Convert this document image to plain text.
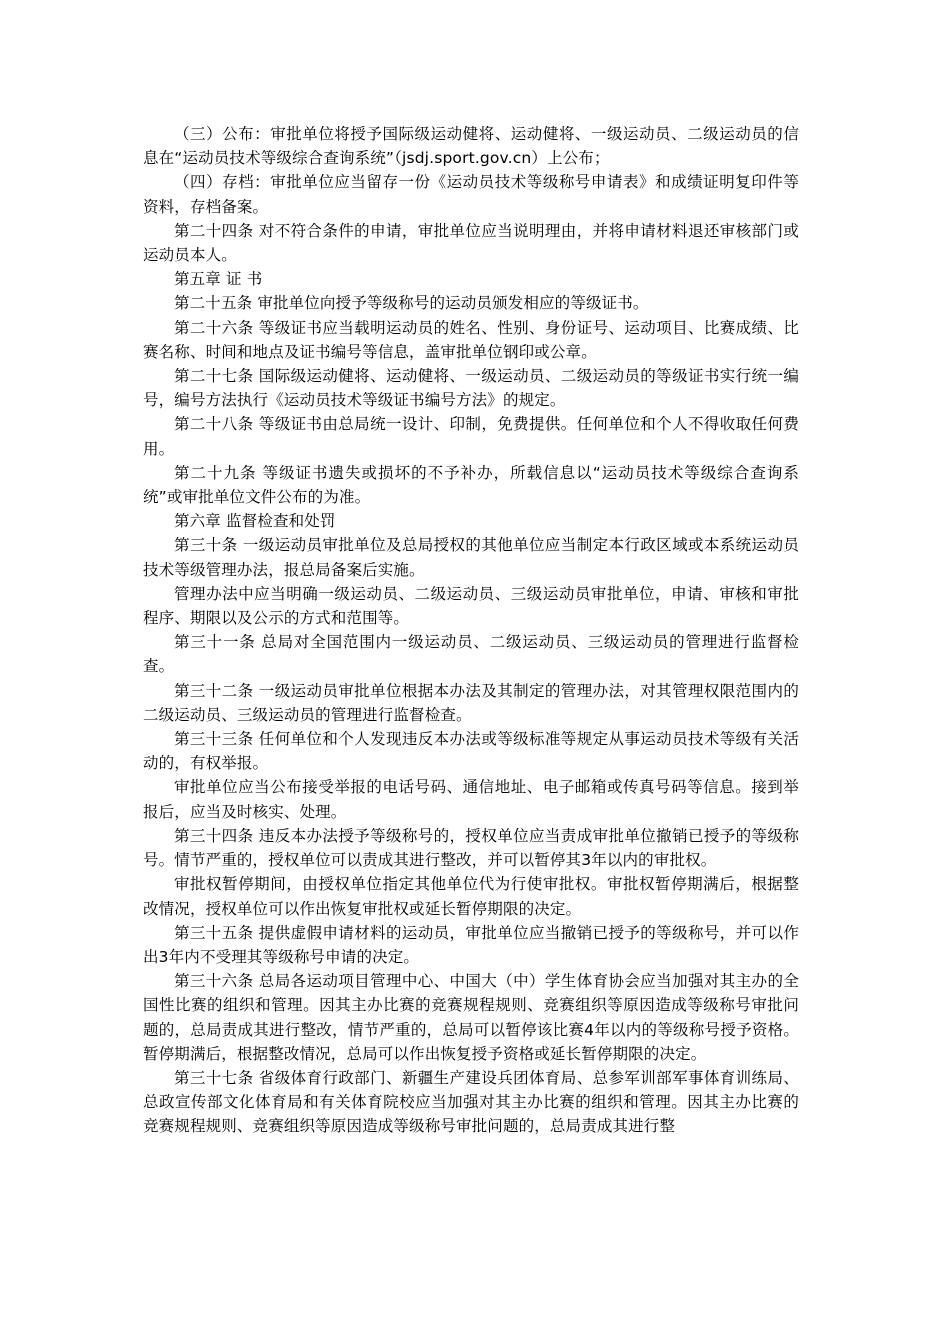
（三）公布：审批单位将授予国际级运动健将、运动健将、一级运动员、二级运动员的信息在“运动员技术等级综合查询系统”（jsdj.sport.gov.cn）上公布；

（四）存档：审批单位应当留存一份《运动员技术等级称号申请表》和成绩证明复印件等资料，存档备案。

第二十四条 对不符合条件的申请，审批单位应当说明理由，并将申请材料退还审核部门或运动员本人。

第五章 证 书

第二十五条 审批单位向授予等级称号的运动员颁发相应的等级证书。

第二十六条 等级证书应当载明运动员的姓名、性别、身份证号、运动项目、比赛成绩、比赛名称、时间和地点及证书编号等信息，盖审批单位钢印或公章。

第二十七条 国际级运动健将、运动健将、一级运动员、二级运动员的等级证书实行统一编号，编号方法执行《运动员技术等级证书编号方法》的规定。

第二十八条 等级证书由总局统一设计、印制，免费提供。任何单位和个人不得收取任何费用。

第二十九条 等级证书遗失或损坏的不予补办，所载信息以“运动员技术等级综合查询系统”或审批单位文件公布的为准。

第六章 监督检查和处罚

第三十条 一级运动员审批单位及总局授权的其他单位应当制定本行政区域或本系统运动员技术等级管理办法，报总局备案后实施。

管理办法中应当明确一级运动员、二级运动员、三级运动员审批单位，申请、审核和审批程序、期限以及公示的方式和范围等。

第三十一条 总局对全国范围内一级运动员、二级运动员、三级运动员的管理进行监督检查。

第三十二条 一级运动员审批单位根据本办法及其制定的管理办法，对其管理权限范围内的二级运动员、三级运动员的管理进行监督检查。

第三十三条 任何单位和个人发现违反本办法或等级标准等规定从事运动员技术等级有关活动的，有权举报。

审批单位应当公布接受举报的电话号码、通信地址、电子邮箱或传真号码等信息。接到举报后，应当及时核实、处理。

第三十四条 违反本办法授予等级称号的，授权单位应当责成审批单位撤销已授予的等级称号。情节严重的，授权单位可以责成其进行整改，并可以暂停其3年以内的审批权。

审批权暂停期间，由授权单位指定其他单位代为行使审批权。审批权暂停期满后，根据整改情况，授权单位可以作出恢复审批权或延长暂停期限的决定。

第三十五条 提供虚假申请材料的运动员，审批单位应当撤销已授予的等级称号，并可以作出3年内不受理其等级称号申请的决定。

第三十六条 总局各运动项目管理中心、中国大（中）学生体育协会应当加强对其主办的全国性比赛的组织和管理。因其主办比赛的竞赛规程规则、竞赛组织等原因造成等级称号审批问题的，总局责成其进行整改，情节严重的，总局可以暂停该比赛4年以内的等级称号授予资格。暂停期满后，根据整改情况，总局可以作出恢复授予资格或延长暂停期限的决定。

第三十七条 省级体育行政部门、新疆生产建设兵团体育局、总参军训部军事体育训练局、总政宣传部文化体育局和有关体育院校应当加强对其主办比赛的组织和管理。因其主办比赛的竞赛规程规则、竞赛组织等原因造成等级称号审批问题的，总局责成其进行整
